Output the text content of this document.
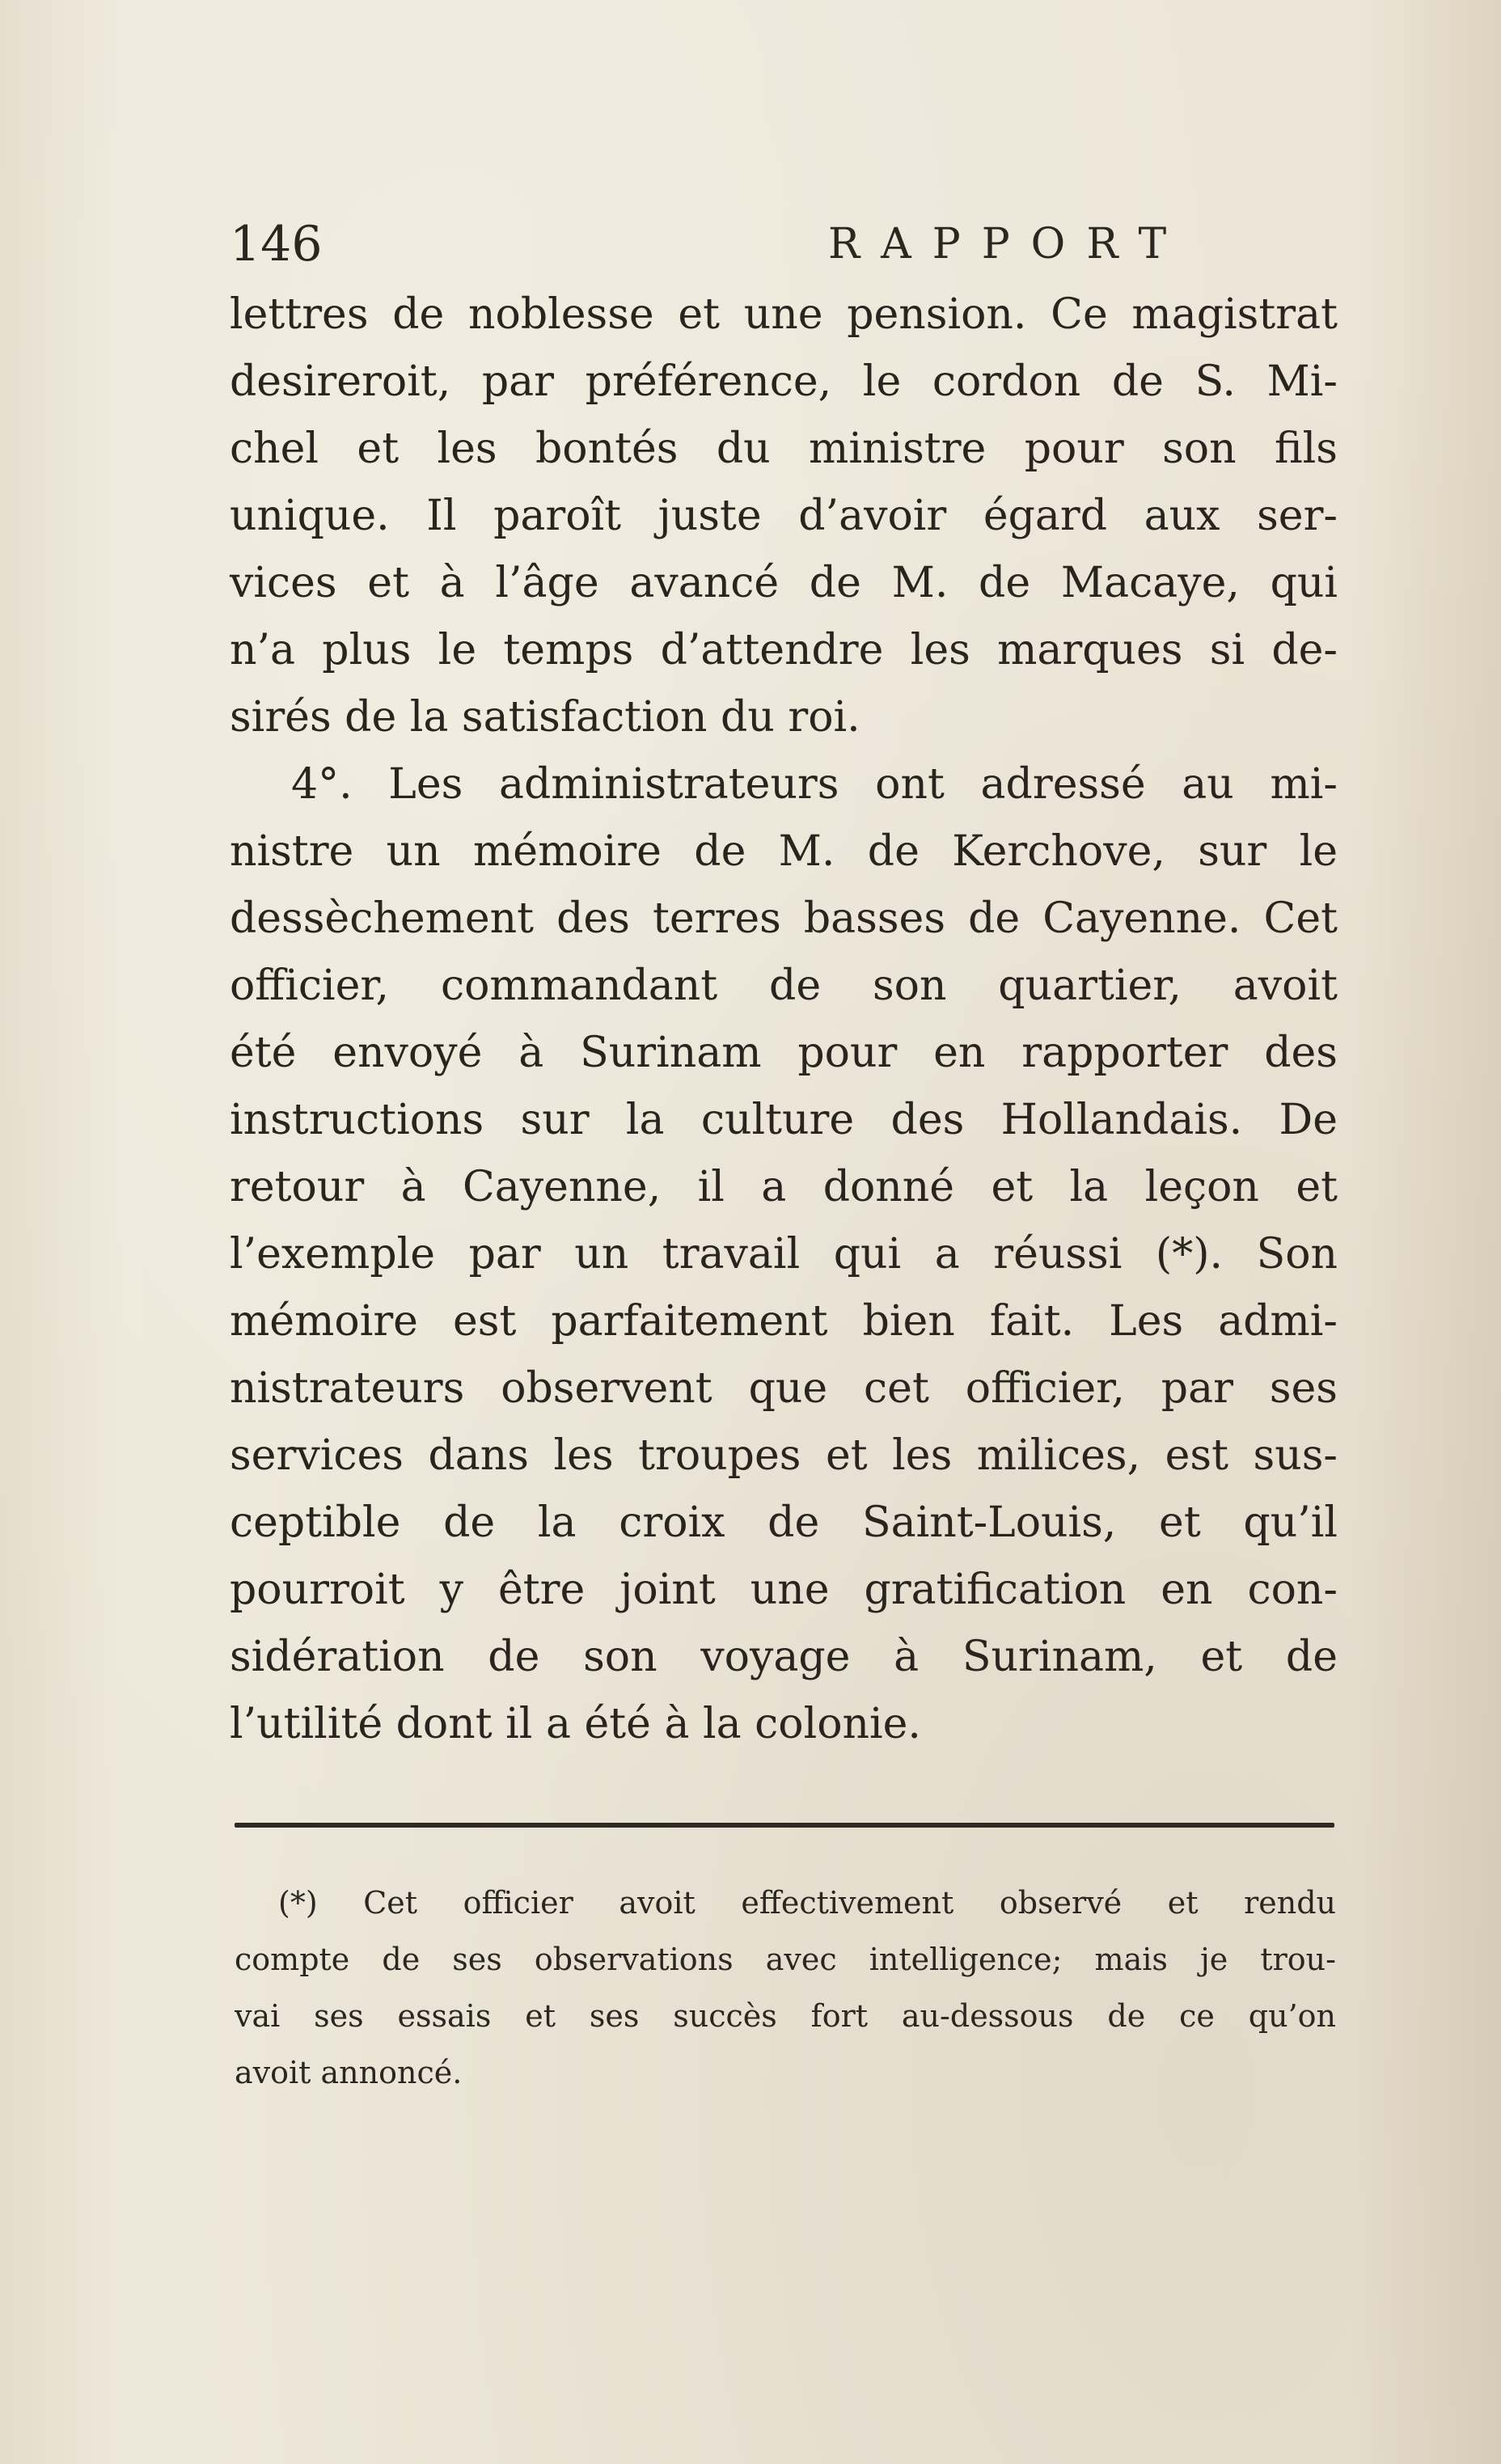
146	RAPPORT
lettres de noblesse et une pension. Ce magistrat
desireroit, par préférence, le cordon de S. Mi-
chel et les bontés du ministre pour son fils
unique. Il paroît juste d’avoir égard aux ser-
vices et à l’âge avancé de M. de Macaye, qui
n’a plus le temps d’attendre les marques si de-
sirés de la satisfaction du roi.
4°. Les administrateurs ont adressé au mi-
nistre un mémoire de M. de Kerchove, sur le
dessèchement des terres basses de Cayenne. Cet
officier, commandant de son quartier, avoit
été envoyé à Surinam pour en rapporter des
instructions sur la culture des Hollandais. De
retour à Cayenne, il a donné et la leçon et
l’exemple par un travail qui a réussi (*). Son
mémoire est parfaitement bien fait. Les admi-
nistrateurs observent que cet officier, par ses
services dans les troupes et les milices, est sus-
ceptible de la croix de Saint-Louis, et qu’il
pourroit y être joint une gratification en con-
sidération de son voyage à Surinam, et de
l’utilité dont il a été à la colonie.
(*) Cet officier avoit effectivement observé et rendu
compte de ses observations avec intelligence; mais je trou-
vai ses essais et ses succès fort au-dessous de ce qu’on
avoit annoncé.
